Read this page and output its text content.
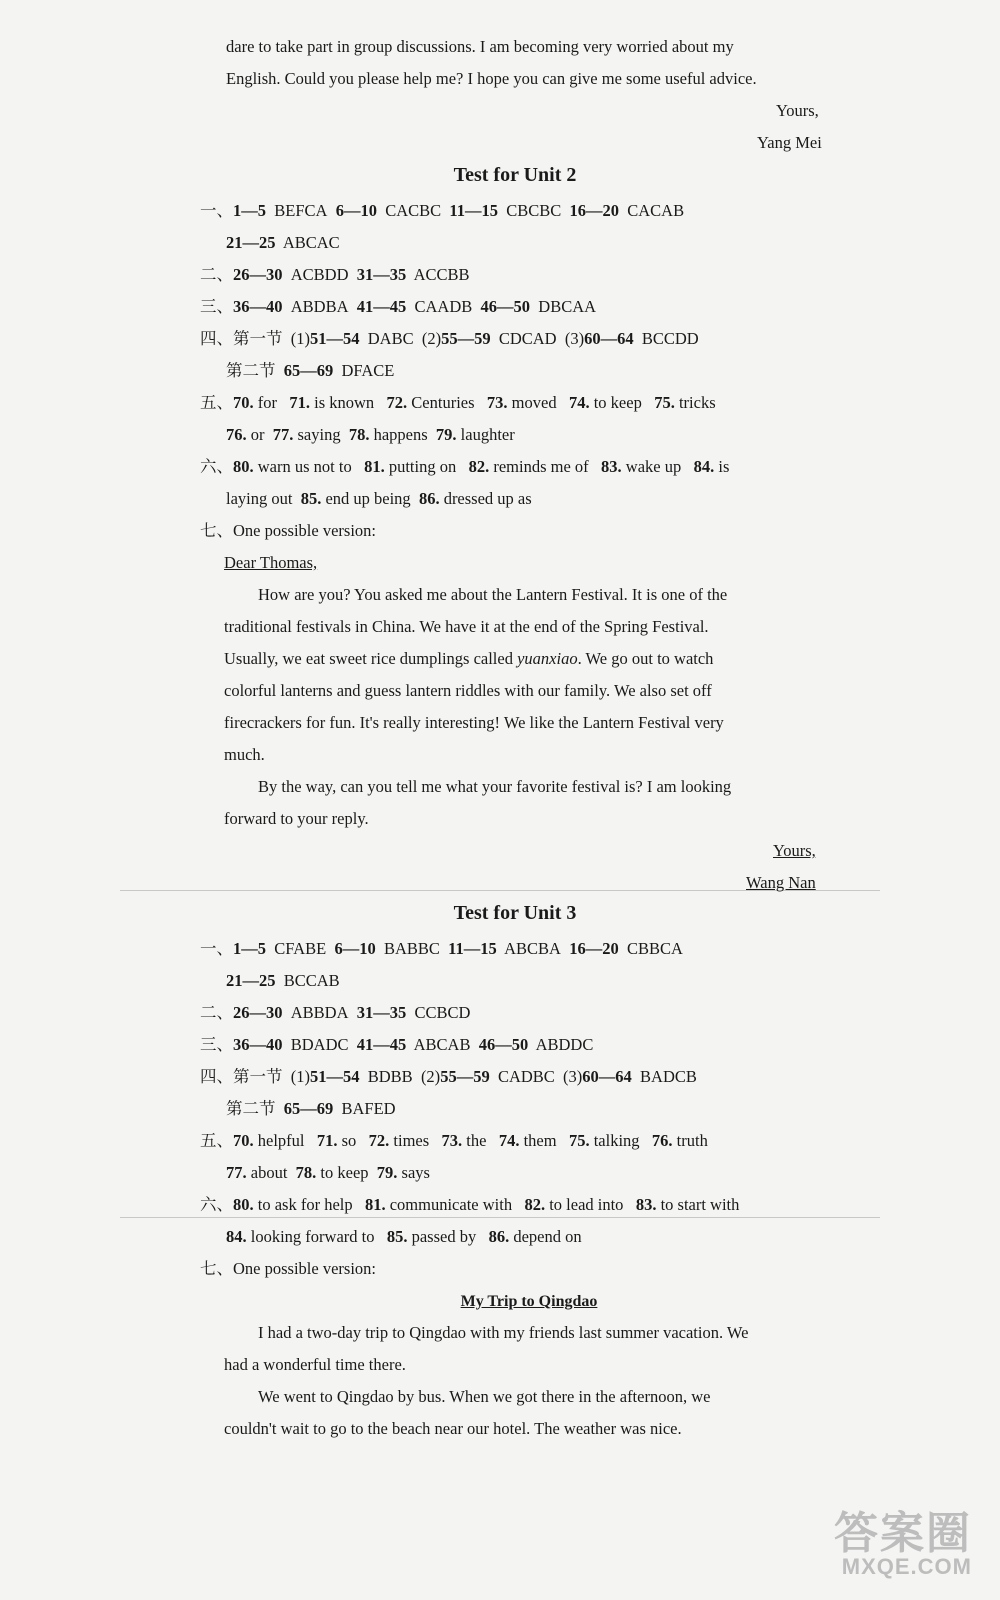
dare to take part in group discussions. I am becoming very worried about my
English. Could you please help me? I hope you can give me some useful advice.
Yours,
Yang Mei
Test for Unit 2
一、1—5 BEFCA 6—10 CACBC 11—15 CBCBC 16—20 CACAB
21—25 ABCAC
二、26—30 ACBDD 31—35 ACCBB
三、36—40 ABDBA 41—45 CAADB 46—50 DBCAA
四、第一节 (1)51—54 DABC (2)55—59 CDCAD (3)60—64 BCCDD
第二节 65—69 DFACE
五、70. for 71. is known 72. Centuries 73. moved 74. to keep 75. tricks
76. or 77. saying 78. happens 79. laughter
六、80. warn us not to 81. putting on 82. reminds me of 83. wake up 84. is
laying out 85. end up being 86. dressed up as
七、One possible version:
Dear Thomas,
How are you? You asked me about the Lantern Festival. It is one of the
traditional festivals in China. We have it at the end of the Spring Festival.
Usually, we eat sweet rice dumplings called yuanxiao. We go out to watch
colorful lanterns and guess lantern riddles with our family. We also set off
firecrackers for fun. It's really interesting! We like the Lantern Festival very
much.
By the way, can you tell me what your favorite festival is? I am looking
forward to your reply.
Yours,
Wang Nan
Test for Unit 3
一、1—5 CFABE 6—10 BABBC 11—15 ABCBA 16—20 CBBCA
21—25 BCCAB
二、26—30 ABBDA 31—35 CCBCD
三、36—40 BDADC 41—45 ABCAB 46—50 ABDDC
四、第一节 (1)51—54 BDBB (2)55—59 CADBC (3)60—64 BADCB
第二节 65—69 BAFED
五、70. helpful 71. so 72. times 73. the 74. them 75. talking 76. truth
77. about 78. to keep 79. says
六、80. to ask for help 81. communicate with 82. to lead into 83. to start with
84. looking forward to 85. passed by 86. depend on
七、One possible version:
My Trip to Qingdao
I had a two-day trip to Qingdao with my friends last summer vacation. We
had a wonderful time there.
We went to Qingdao by bus. When we got there in the afternoon, we
couldn't wait to go to the beach near our hotel. The weather was nice.
答案圈
MXQE.COM
